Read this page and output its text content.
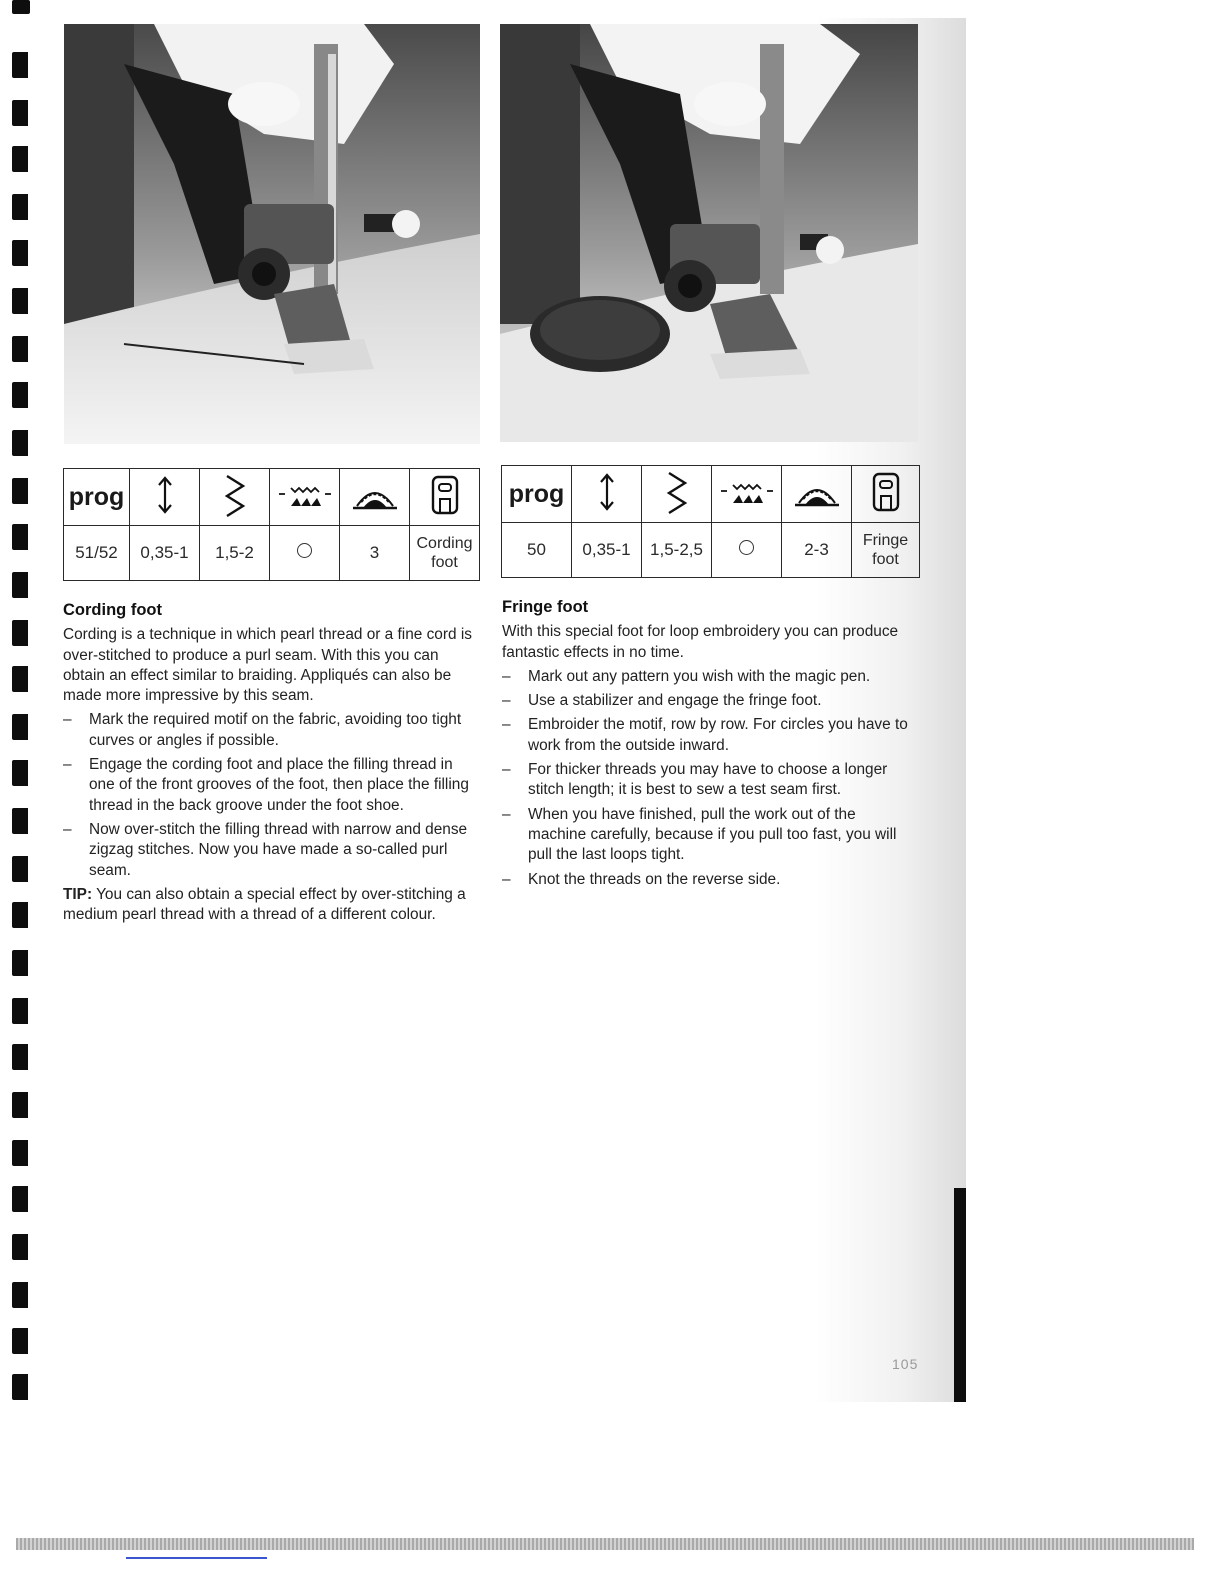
prog					
51/52	0,35-1	1,5-2		3	Cording foot
prog					
50	0,35-1	1,5-2,5		2-3	Fringe foot
Cording foot

Cording is a technique in which pearl thread or a fine cord is over-stitched to produce a purl seam. With this you can obtain an effect similar to braiding. Appliqués can also be made more impressive by this seam.

– Mark the required motif on the fabric, avoiding too tight curves or angles if possible.
– Engage the cording foot and place the filling thread in one of the front grooves of the foot, then place the filling thread in the back groove under the foot shoe.
– Now over-stitch the filling thread with narrow and dense zigzag stitches. Now you have made a so-called purl seam.

TIP: You can also obtain a special effect by over-stitching a medium pearl thread with a thread of a different colour.

Fringe foot

With this special foot for loop embroidery you can produce fantastic effects in no time.

– Mark out any pattern you wish with the magic pen.
– Use a stabilizer and engage the fringe foot.
– Embroider the motif, row by row. For circles you have to work from the outside inward.
– For thicker threads you may have to choose a longer stitch length; it is best to sew a test seam first.
– When you have finished, pull the work out of the machine carefully, because if you pull too fast, you will pull the last loops tight.
– Knot the threads on the reverse side.
105
